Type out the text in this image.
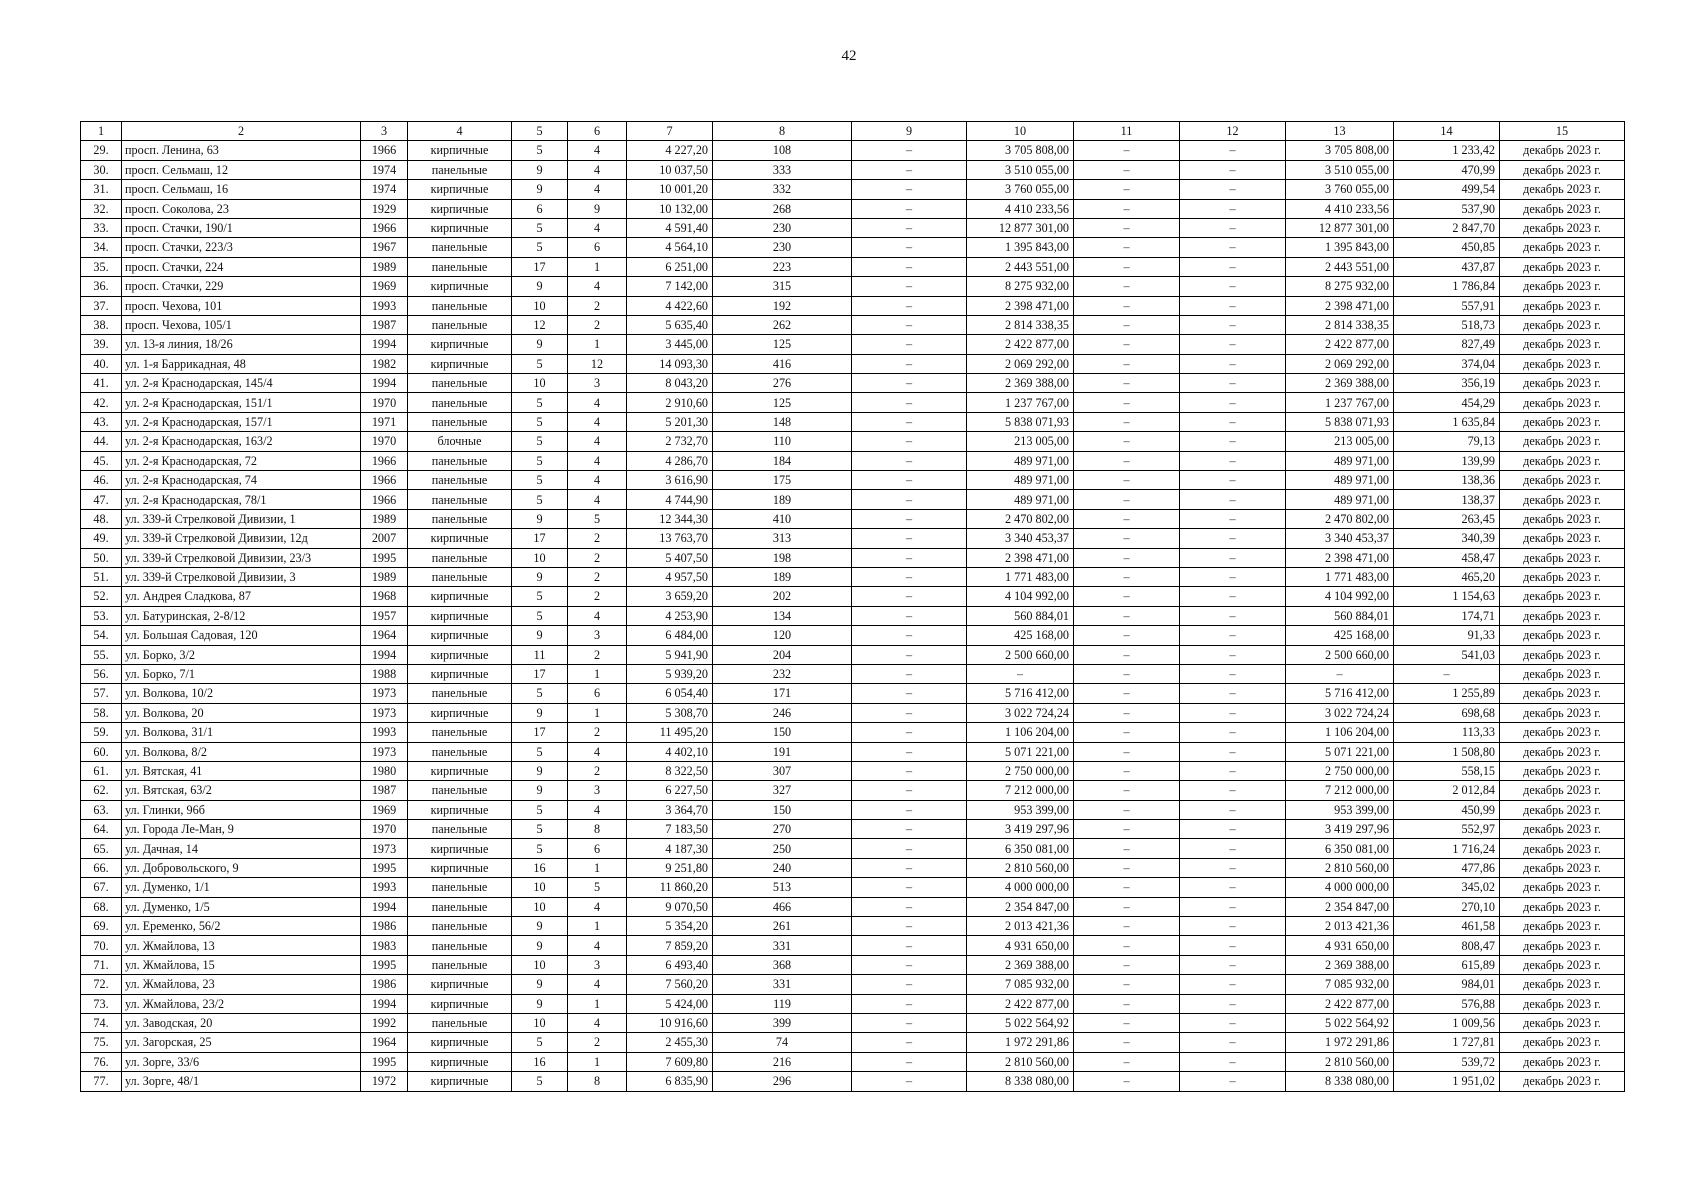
42
1	2	3	4	5	6	7	8	9	10	11	12	13	14	15
29.	просп. Ленина, 63	1966	кирпичные	5	4	4 227,20	108	–	3 705 808,00	–	–	3 705 808,00	1 233,42	декабрь 2023 г.
30.	просп. Сельмаш, 12	1974	панельные	9	4	10 037,50	333	–	3 510 055,00	–	–	3 510 055,00	470,99	декабрь 2023 г.
31.	просп. Сельмаш, 16	1974	кирпичные	9	4	10 001,20	332	–	3 760 055,00	–	–	3 760 055,00	499,54	декабрь 2023 г.
32.	просп. Соколова, 23	1929	кирпичные	6	9	10 132,00	268	–	4 410 233,56	–	–	4 410 233,56	537,90	декабрь 2023 г.
33.	просп. Стачки, 190/1	1966	кирпичные	5	4	4 591,40	230	–	12 877 301,00	–	–	12 877 301,00	2 847,70	декабрь 2023 г.
34.	просп. Стачки, 223/3	1967	панельные	5	6	4 564,10	230	–	1 395 843,00	–	–	1 395 843,00	450,85	декабрь 2023 г.
35.	просп. Стачки, 224	1989	панельные	17	1	6 251,00	223	–	2 443 551,00	–	–	2 443 551,00	437,87	декабрь 2023 г.
36.	просп. Стачки, 229	1969	кирпичные	9	4	7 142,00	315	–	8 275 932,00	–	–	8 275 932,00	1 786,84	декабрь 2023 г.
37.	просп. Чехова, 101	1993	панельные	10	2	4 422,60	192	–	2 398 471,00	–	–	2 398 471,00	557,91	декабрь 2023 г.
38.	просп. Чехова, 105/1	1987	панельные	12	2	5 635,40	262	–	2 814 338,35	–	–	2 814 338,35	518,73	декабрь 2023 г.
39.	ул. 13-я линия, 18/26	1994	кирпичные	9	1	3 445,00	125	–	2 422 877,00	–	–	2 422 877,00	827,49	декабрь 2023 г.
40.	ул. 1-я Баррикадная, 48	1982	кирпичные	5	12	14 093,30	416	–	2 069 292,00	–	–	2 069 292,00	374,04	декабрь 2023 г.
41.	ул. 2-я Краснодарская, 145/4	1994	панельные	10	3	8 043,20	276	–	2 369 388,00	–	–	2 369 388,00	356,19	декабрь 2023 г.
42.	ул. 2-я Краснодарская, 151/1	1970	панельные	5	4	2 910,60	125	–	1 237 767,00	–	–	1 237 767,00	454,29	декабрь 2023 г.
43.	ул. 2-я Краснодарская, 157/1	1971	панельные	5	4	5 201,30	148	–	5 838 071,93	–	–	5 838 071,93	1 635,84	декабрь 2023 г.
44.	ул. 2-я Краснодарская, 163/2	1970	блочные	5	4	2 732,70	110	–	213 005,00	–	–	213 005,00	79,13	декабрь 2023 г.
45.	ул. 2-я Краснодарская, 72	1966	панельные	5	4	4 286,70	184	–	489 971,00	–	–	489 971,00	139,99	декабрь 2023 г.
46.	ул. 2-я Краснодарская, 74	1966	панельные	5	4	3 616,90	175	–	489 971,00	–	–	489 971,00	138,36	декабрь 2023 г.
47.	ул. 2-я Краснодарская, 78/1	1966	панельные	5	4	4 744,90	189	–	489 971,00	–	–	489 971,00	138,37	декабрь 2023 г.
48.	ул. 339-й Стрелковой Дивизии, 1	1989	панельные	9	5	12 344,30	410	–	2 470 802,00	–	–	2 470 802,00	263,45	декабрь 2023 г.
49.	ул. 339-й Стрелковой Дивизии, 12д	2007	кирпичные	17	2	13 763,70	313	–	3 340 453,37	–	–	3 340 453,37	340,39	декабрь 2023 г.
50.	ул. 339-й Стрелковой Дивизии, 23/3	1995	панельные	10	2	5 407,50	198	–	2 398 471,00	–	–	2 398 471,00	458,47	декабрь 2023 г.
51.	ул. 339-й Стрелковой Дивизии, 3	1989	панельные	9	2	4 957,50	189	–	1 771 483,00	–	–	1 771 483,00	465,20	декабрь 2023 г.
52.	ул. Андрея Сладкова, 87	1968	кирпичные	5	2	3 659,20	202	–	4 104 992,00	–	–	4 104 992,00	1 154,63	декабрь 2023 г.
53.	ул. Батуринская, 2-8/12	1957	кирпичные	5	4	4 253,90	134	–	560 884,01	–	–	560 884,01	174,71	декабрь 2023 г.
54.	ул. Большая Садовая, 120	1964	кирпичные	9	3	6 484,00	120	–	425 168,00	–	–	425 168,00	91,33	декабрь 2023 г.
55.	ул. Борко, 3/2	1994	кирпичные	11	2	5 941,90	204	–	2 500 660,00	–	–	2 500 660,00	541,03	декабрь 2023 г.
56.	ул. Борко, 7/1	1988	кирпичные	17	1	5 939,20	232	–	–	–	–	–	–	декабрь 2023 г.
57.	ул. Волкова, 10/2	1973	панельные	5	6	6 054,40	171	–	5 716 412,00	–	–	5 716 412,00	1 255,89	декабрь 2023 г.
58.	ул. Волкова, 20	1973	кирпичные	9	1	5 308,70	246	–	3 022 724,24	–	–	3 022 724,24	698,68	декабрь 2023 г.
59.	ул. Волкова, 31/1	1993	панельные	17	2	11 495,20	150	–	1 106 204,00	–	–	1 106 204,00	113,33	декабрь 2023 г.
60.	ул. Волкова, 8/2	1973	панельные	5	4	4 402,10	191	–	5 071 221,00	–	–	5 071 221,00	1 508,80	декабрь 2023 г.
61.	ул. Вятская, 41	1980	кирпичные	9	2	8 322,50	307	–	2 750 000,00	–	–	2 750 000,00	558,15	декабрь 2023 г.
62.	ул. Вятская, 63/2	1987	панельные	9	3	6 227,50	327	–	7 212 000,00	–	–	7 212 000,00	2 012,84	декабрь 2023 г.
63.	ул. Глинки, 96б	1969	кирпичные	5	4	3 364,70	150	–	953 399,00	–	–	953 399,00	450,99	декабрь 2023 г.
64.	ул. Города Ле-Ман, 9	1970	панельные	5	8	7 183,50	270	–	3 419 297,96	–	–	3 419 297,96	552,97	декабрь 2023 г.
65.	ул. Дачная, 14	1973	кирпичные	5	6	4 187,30	250	–	6 350 081,00	–	–	6 350 081,00	1 716,24	декабрь 2023 г.
66.	ул. Добровольского, 9	1995	кирпичные	16	1	9 251,80	240	–	2 810 560,00	–	–	2 810 560,00	477,86	декабрь 2023 г.
67.	ул. Думенко, 1/1	1993	панельные	10	5	11 860,20	513	–	4 000 000,00	–	–	4 000 000,00	345,02	декабрь 2023 г.
68.	ул. Думенко, 1/5	1994	панельные	10	4	9 070,50	466	–	2 354 847,00	–	–	2 354 847,00	270,10	декабрь 2023 г.
69.	ул. Еременко, 56/2	1986	панельные	9	1	5 354,20	261	–	2 013 421,36	–	–	2 013 421,36	461,58	декабрь 2023 г.
70.	ул. Жмайлова, 13	1983	панельные	9	4	7 859,20	331	–	4 931 650,00	–	–	4 931 650,00	808,47	декабрь 2023 г.
71.	ул. Жмайлова, 15	1995	панельные	10	3	6 493,40	368	–	2 369 388,00	–	–	2 369 388,00	615,89	декабрь 2023 г.
72.	ул. Жмайлова, 23	1986	кирпичные	9	4	7 560,20	331	–	7 085 932,00	–	–	7 085 932,00	984,01	декабрь 2023 г.
73.	ул. Жмайлова, 23/2	1994	кирпичные	9	1	5 424,00	119	–	2 422 877,00	–	–	2 422 877,00	576,88	декабрь 2023 г.
74.	ул. Заводская, 20	1992	панельные	10	4	10 916,60	399	–	5 022 564,92	–	–	5 022 564,92	1 009,56	декабрь 2023 г.
75.	ул. Загорская, 25	1964	кирпичные	5	2	2 455,30	74	–	1 972 291,86	–	–	1 972 291,86	1 727,81	декабрь 2023 г.
76.	ул. Зорге, 33/6	1995	кирпичные	16	1	7 609,80	216	–	2 810 560,00	–	–	2 810 560,00	539,72	декабрь 2023 г.
77.	ул. Зорге, 48/1	1972	кирпичные	5	8	6 835,90	296	–	8 338 080,00	–	–	8 338 080,00	1 951,02	декабрь 2023 г.
